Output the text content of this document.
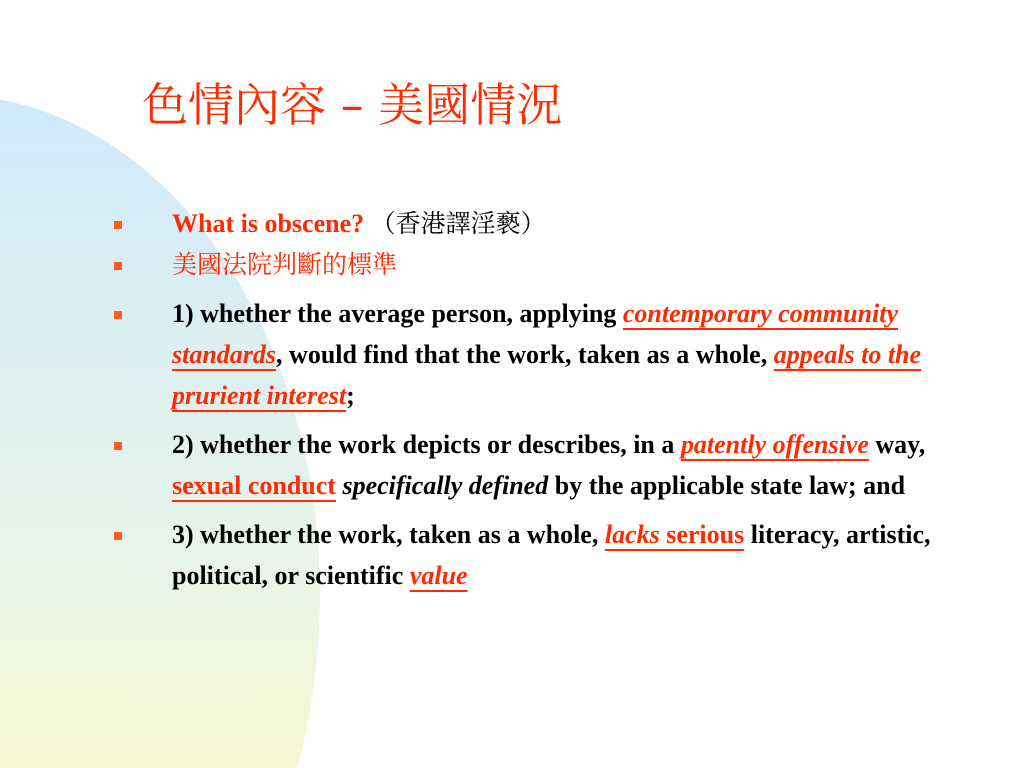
色情內容 – 美國情況
What is obscene? （香港譯淫褻）
美國法院判斷的標準
1) whether the average person, applying contemporary community standards, would find that the work, taken as a whole, appeals to the prurient interest;
2) whether the work depicts or describes, in a patently offensive way, sexual conduct specifically defined by the applicable state law; and
3) whether the work, taken as a whole, lacks serious literacy, artistic, political, or scientific value
